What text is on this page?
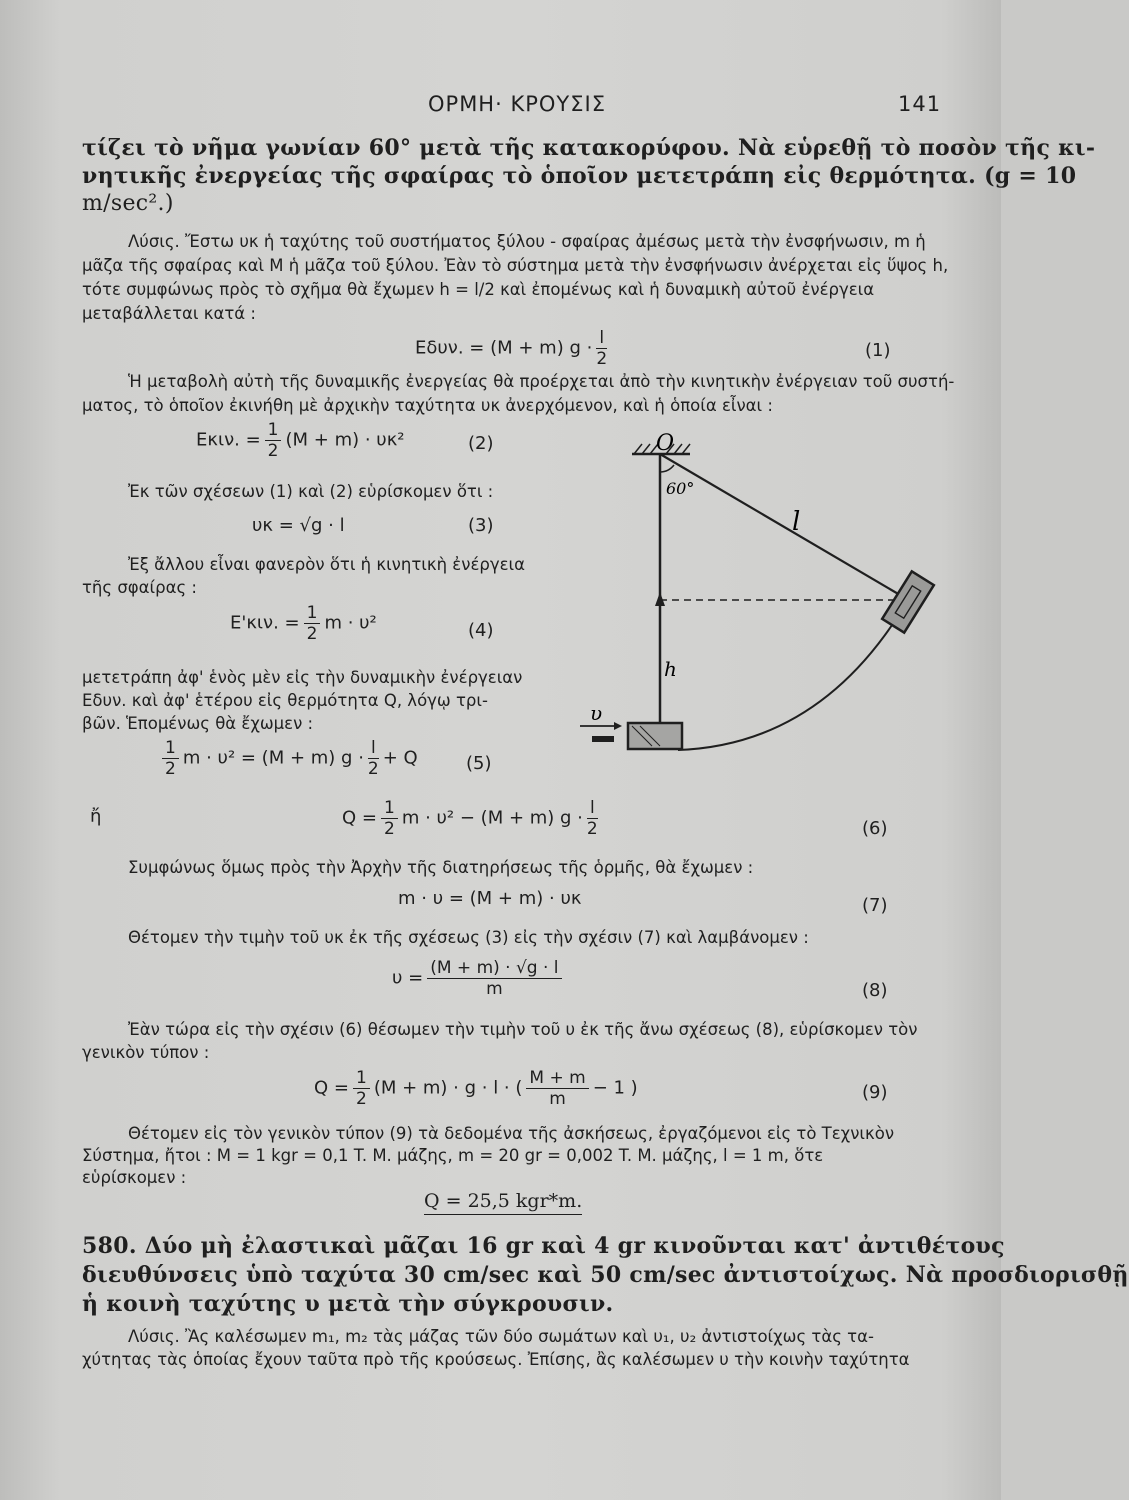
ΟΡΜΗ· ΚΡΟΥΣΙΣ	141
τίζει τὸ νῆμα γωνίαν 60° μετὰ τῆς κατακορύφου. Νὰ εὑρεθῇ τὸ ποσὸν τῆς κι-
νητικῆς ἐνεργείας τῆς σφαίρας τὸ ὁποῖον μετετράπη εἰς θερμότητα. (g = 10
m/sec².)
Λύσις. Ἔστω υκ ἡ ταχύτης τοῦ συστήματος ξύλου - σφαίρας ἀμέσως μετὰ τὴν ἐνσφήνωσιν, m ἡ
μᾶζα τῆς σφαίρας καὶ M ἡ μᾶζα τοῦ ξύλου. Ἐὰν τὸ σύστημα μετὰ τὴν ἐνσφήνωσιν ἀνέρχεται εἰς ὕψος h,
τότε συμφώνως πρὸς τὸ σχῆμα θὰ ἔχωμεν h = l/2 καὶ ἐπομένως καὶ ἡ δυναμικὴ αὐτοῦ ἐνέργεια
μεταβάλλεται κατά :
Eδυν. = (M + m) $g \cdot \frac{l}{2}$	(1)
Ἡ μεταβολὴ αὐτὴ τῆς δυναμικῆς ἐνεργείας θὰ προέρχεται ἀπὸ τὴν κινητικὴν ἐνέργειαν τοῦ συστή-
ματος, τὸ ὁποῖον ἐκινήθη μὲ ἀρχικὴν ταχύτητα υκ ἀνερχόμενον, καὶ ἡ ὁποία εἶναι :
Eκιν. = $\frac{1}{2} (M + m) \cdot \upsilon\kappa^2$	(2)
Ἐκ τῶν σχέσεων (1) καὶ (2) εὑρίσκομεν ὅτι :
υκ = √g · l	(3)
Ἐξ ἄλλου εἶναι φανερὸν ὅτι ἡ κινητικὴ ἐνέργεια
τῆς σφαίρας :
E'κιν. = $\frac{1}{2}$ m · υ²	(4)
μετετράπη ἀφ' ἑνὸς μὲν εἰς τὴν δυναμικὴν ἐνέργειαν
Eδυν. καὶ ἀφ' ἑτέρου εἰς θερμότητα Q, λόγῳ τρι-
βῶν. Ἑπομένως θὰ ἔχωμεν :
$\frac{1}{2}$ m · υ² = (M + m) $g \cdot \frac{l}{2} + Q$	(5)
ἤ	$Q = \frac{1}{2}$ m · υ² − (M + m) $g \cdot \frac{l}{2}$	(6)
Συμφώνως ὅμως πρὸς τὴν Ἀρχὴν τῆς διατηρήσεως τῆς ὁρμῆς, θὰ ἔχωμεν :
m · υ = (M + m) · υκ	(7)
Θέτομεν τὴν τιμὴν τοῦ υκ ἐκ τῆς σχέσεως (3) εἰς τὴν σχέσιν (7) καὶ λαμβάνομεν :
$\upsilon = \frac{(M + m) \cdot √g \cdot l}{m}$	(8)
Ἐὰν τώρα εἰς τὴν σχέσιν (6) θέσωμεν τὴν τιμὴν τοῦ υ ἐκ τῆς ἄνω σχέσεως (8), εὑρίσκομεν τὸν
γενικὸν τύπον :
$Q = \frac{1}{2} (M + m) \cdot g \cdot l$ · ( $\frac{M + m}{m} - 1$ )	(9)
Θέτομεν εἰς τὸν γενικὸν τύπον (9) τὰ δεδομένα τῆς ἀσκήσεως, ἐργαζόμενοι εἰς τὸ Τεχνικὸν
Σύστημα, ἤτοι : M = 1 kgr = 0,1 T. M. μάζης, m = 20 gr = 0,002 T. M. μάζης, l = 1 m, ὅτε
εὑρίσκομεν :
Q = 25,5 kgr*m.
580. Δύο μὴ ἐλαστικαὶ μᾶζαι 16 gr καὶ 4 gr κινοῦνται κατ' ἀντιθέτους
διευθύνσεις ὑπὸ ταχύτα 30 cm/sec καὶ 50 cm/sec ἀντιστοίχως. Νὰ προσδιορισθῇ
ἡ κοινὴ ταχύτης υ μετὰ τὴν σύγκρουσιν.
Λύσις. Ἂς καλέσωμεν m₁, m₂ τὰς μάζας τῶν δύο σωμάτων καὶ υ₁, υ₂ ἀντιστοίχως τὰς τα-
χύτητας τὰς ὁποίας ἔχουν ταῦτα πρὸ τῆς κρούσεως. Ἐπίσης, ἂς καλέσωμεν υ τὴν κοινὴν ταχύτητα
O
60°
l
h
υ
